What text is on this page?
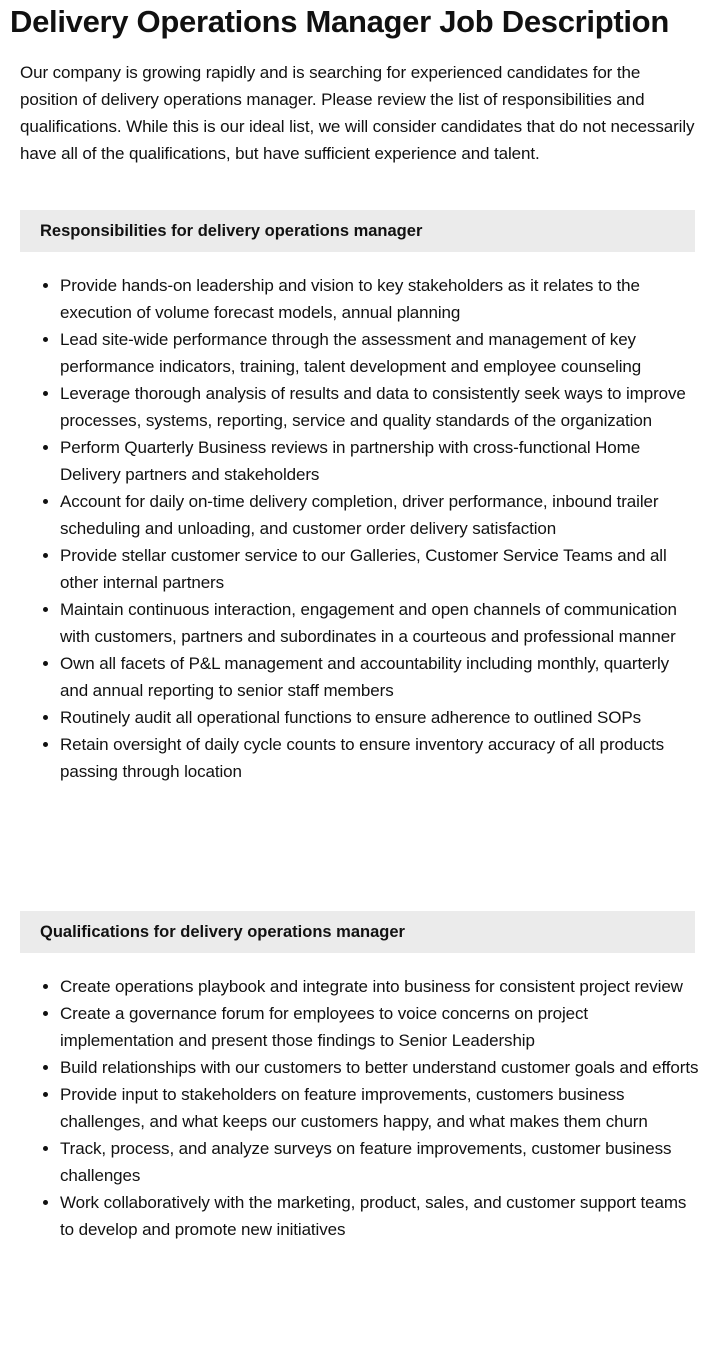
Delivery Operations Manager Job Description

Our company is growing rapidly and is searching for experienced candidates for the position of delivery operations manager. Please review the list of responsibilities and qualifications. While this is our ideal list, we will consider candidates that do not necessarily have all of the qualifications, but have sufficient experience and talent.

Responsibilities for delivery operations manager
• Provide hands-on leadership and vision to key stakeholders as it relates to the execution of volume forecast models, annual planning
• Lead site-wide performance through the assessment and management of key performance indicators, training, talent development and employee counseling
• Leverage thorough analysis of results and data to consistently seek ways to improve processes, systems, reporting, service and quality standards of the organization
• Perform Quarterly Business reviews in partnership with cross-functional Home Delivery partners and stakeholders
• Account for daily on-time delivery completion, driver performance, inbound trailer scheduling and unloading, and customer order delivery satisfaction
• Provide stellar customer service to our Galleries, Customer Service Teams and all other internal partners
• Maintain continuous interaction, engagement and open channels of communication with customers, partners and subordinates in a courteous and professional manner
• Own all facets of P&L management and accountability including monthly, quarterly and annual reporting to senior staff members
• Routinely audit all operational functions to ensure adherence to outlined SOPs
• Retain oversight of daily cycle counts to ensure inventory accuracy of all products passing through location
Qualifications for delivery operations manager
• Create operations playbook and integrate into business for consistent project review
• Create a governance forum for employees to voice concerns on project implementation and present those findings to Senior Leadership
• Build relationships with our customers to better understand customer goals and efforts
• Provide input to stakeholders on feature improvements, customers business challenges, and what keeps our customers happy, and what makes them churn
• Track, process, and analyze surveys on feature improvements, customer business challenges
• Work collaboratively with the marketing, product, sales, and customer support teams to develop and promote new initiatives
